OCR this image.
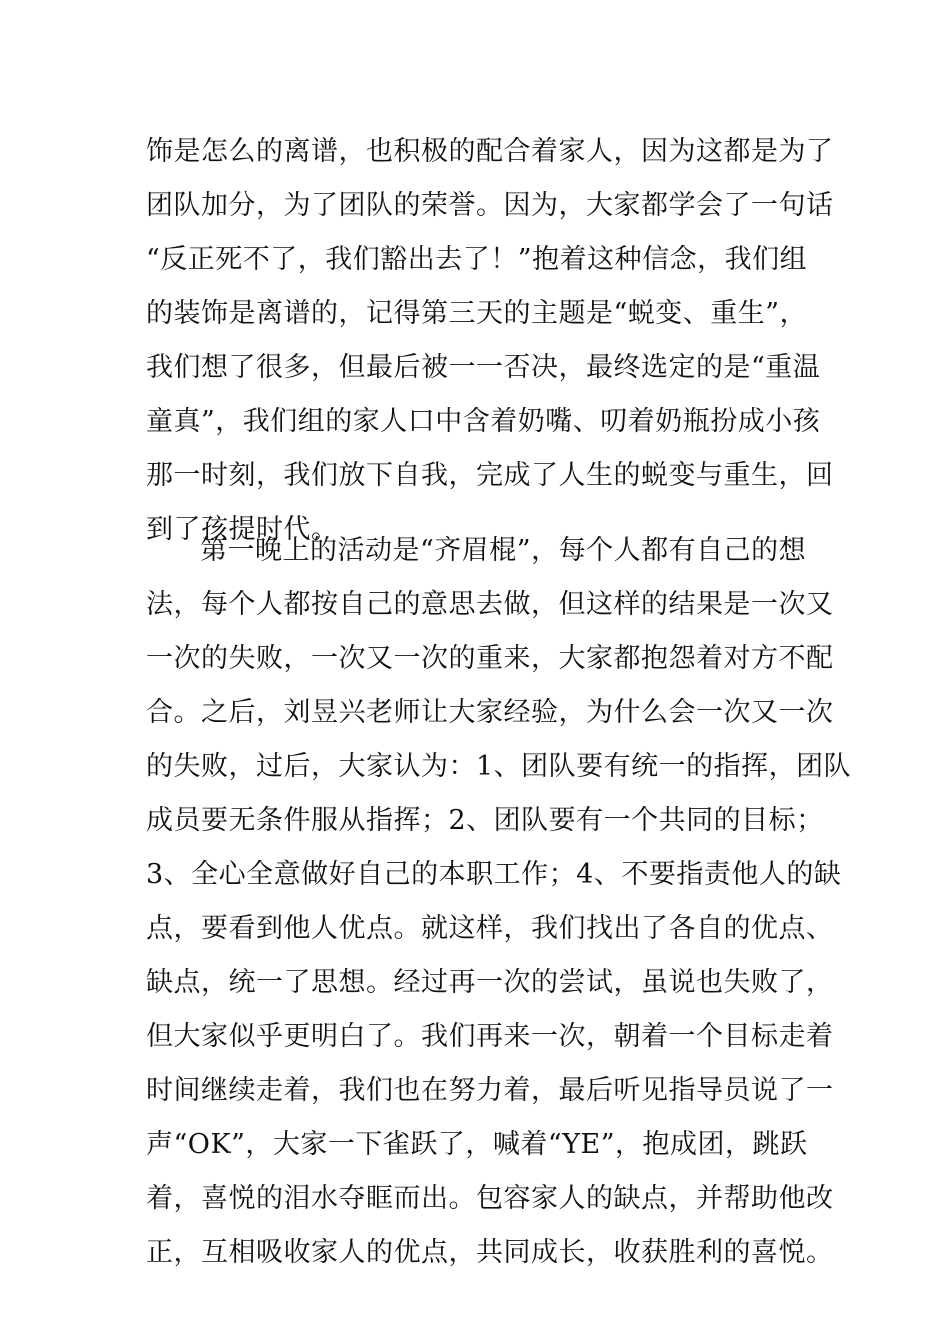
饰是怎么的离谱，也积极的配合着家人，因为这都是为了
团队加分，为了团队的荣誉。因为，大家都学会了一句话
“反正死不了，我们豁出去了！”抱着这种信念，我们组
的装饰是离谱的，记得第三天的主题是“蜕变、重生”，
我们想了很多，但最后被一一否决，最终选定的是“重温
童真”，我们组的家人口中含着奶嘴、叨着奶瓶扮成小孩
那一时刻，我们放下自我，完成了人生的蜕变与重生，回
到了孩提时代。
第一晚上的活动是“齐眉棍”，每个人都有自己的想
法，每个人都按自己的意思去做，但这样的结果是一次又
一次的失败，一次又一次的重来，大家都抱怨着对方不配
合。之后，刘昱兴老师让大家经验，为什么会一次又一次
的失败，过后，大家认为：1、团队要有统一的指挥，团队
成员要无条件服从指挥；2、团队要有一个共同的目标；
3、全心全意做好自己的本职工作；4、不要指责他人的缺
点，要看到他人优点。就这样，我们找出了各自的优点、
缺点，统一了思想。经过再一次的尝试，虽说也失败了，
但大家似乎更明白了。我们再来一次，朝着一个目标走着
时间继续走着，我们也在努力着，最后听见指导员说了一
声“OK”，大家一下雀跃了，喊着“YE”，抱成团，跳跃
着，喜悦的泪水夺眶而出。包容家人的缺点，并帮助他改
正，互相吸收家人的优点，共同成长，收获胜利的喜悦。
